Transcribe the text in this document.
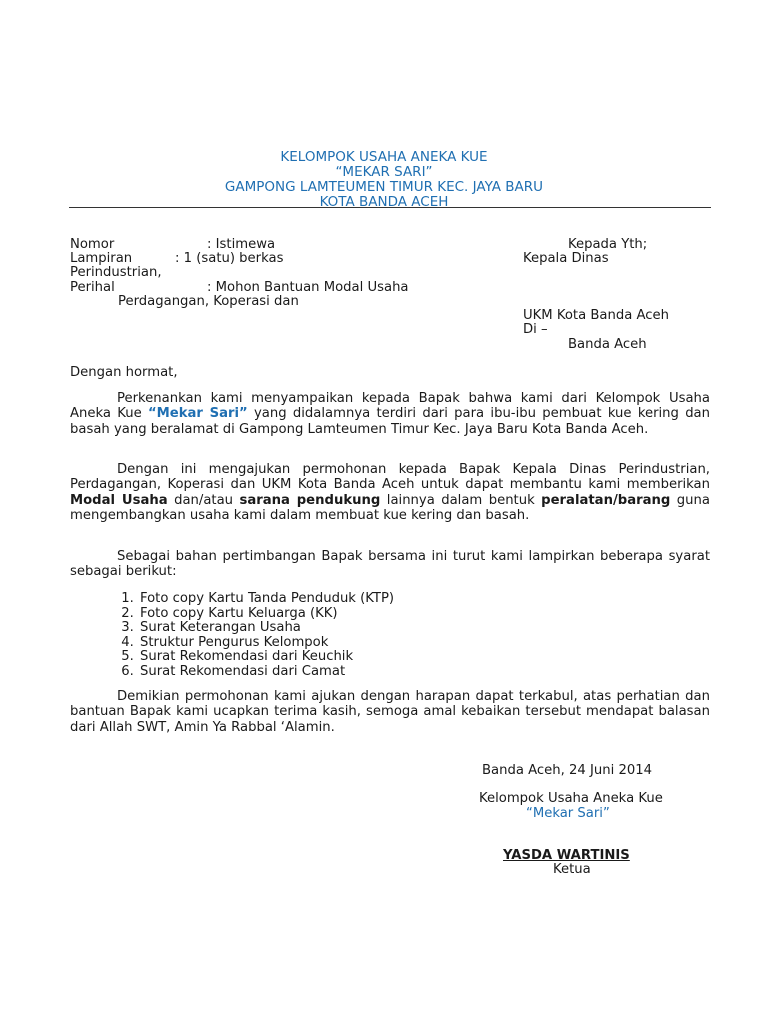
KELOMPOK USAHA ANEKA KUE
“MEKAR SARI”
GAMPONG LAMTEUMEN TIMUR KEC. JAYA BARU
KOTA BANDA ACEH
Nomor	: Istimewa	Kepada Yth;
Lampiran	: 1 (satu) berkas	Kepala Dinas
Perindustrian,
Perihal	: Mohon Bantuan Modal Usaha
Perdagangan, Koperasi dan
UKM Kota Banda Aceh
Di –
Banda Aceh
Dengan hormat,
Perkenankan kami menyampaikan kepada Bapak bahwa kami dari Kelompok Usaha Aneka Kue “Mekar Sari” yang didalamnya terdiri dari para ibu-ibu pembuat kue kering dan basah yang beralamat di Gampong Lamteumen Timur Kec. Jaya Baru Kota Banda Aceh.
Dengan ini mengajukan permohonan kepada Bapak Kepala Dinas Perindustrian, Perdagangan, Koperasi dan UKM Kota Banda Aceh untuk dapat membantu kami memberikan Modal Usaha dan/atau sarana pendukung lainnya dalam bentuk peralatan/barang guna mengembangkan usaha kami dalam membuat kue kering dan basah.
Sebagai bahan pertimbangan Bapak bersama ini turut kami lampirkan beberapa syarat sebagai berikut:
1. Foto copy Kartu Tanda Penduduk (KTP)
2. Foto copy Kartu Keluarga (KK)
3. Surat Keterangan Usaha
4. Struktur Pengurus Kelompok
5. Surat Rekomendasi dari Keuchik
6. Surat Rekomendasi dari Camat
Demikian permohonan kami ajukan dengan harapan dapat terkabul, atas perhatian dan bantuan Bapak kami ucapkan terima kasih, semoga amal kebaikan tersebut mendapat balasan dari Allah SWT, Amin Ya Rabbal ‘Alamin.
Banda Aceh, 24 Juni 2014
Kelompok Usaha Aneka Kue
“Mekar Sari”
YASDA WARTINIS
Ketua
